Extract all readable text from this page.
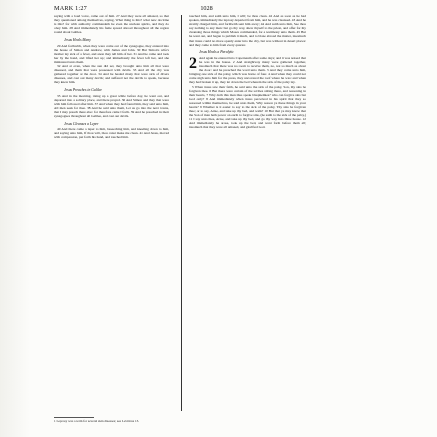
MARK 1:27	1028

saying with a loud voice, came out of him. 27 And they were all amazed, so that they questioned among themselves, saying, What thing is this? what new doctrine is this? for with authority commandeth he even the unclean spirits, and they do obey him. 28 And immediately his fame spread abroad throughout all the region round about Galilee.

Jesus Heals Many

29 And forthwith, when they were come out of the synagogue, they entered into the house of Simon and Andrew, with James and John. 30 But Simon's wife's mother lay sick of a fever, and anon they tell him of her. 31 And he came and took her by the hand, and lifted her up; and immediately the fever left her, and she ministered unto them.

32 And at even, when the sun did set, they brought unto him all that were diseased, and them that were possessed with devils. 33 And all the city was gathered together at the door. 34 And he healed many that were sick of divers diseases, and cast out many devils; and suffered not the devils to speak, because they knew him.

Jesus Preaches in Galilee

35 And in the morning, rising up a great while before day, he went out, and departed into a solitary place, and there prayed. 36 And Simon and they that were with him followed after him. 37 And when they had found him, they said unto him, All men seek for thee. 38 And he said unto them, Let us go into the next towns, that I may preach there also: for therefore came I forth. 39 And he preached in their synagogues throughout all Galilee, and cast out devils.

Jesus Cleanses a Leper

40 And there came a leper to him, beseeching him, and kneeling down to him, and saying unto him, If thou wilt, thou canst make me clean. 41 And Jesus, moved with compassion, put forth his hand, and touched him.

touched him, and saith unto him, I will; be thou clean. 42 And as soon as he had spoken, immediately the leprosy departed from him, and he was cleansed. 43 And he straitly charged him, and forthwith sent him away; 44 And saith unto him, See thou say nothing to any man: but go thy way, shew thyself to the priest, and offer for thy cleansing those things which Moses commanded, for a testimony unto them. 45 But he went out, and began to publish it much, and to blaze abroad the matter, insomuch that Jesus could no more openly enter into the city, but was without in desert places: and they came to him from every quarter.

Jesus Heals a Paralytic

2 And again he entered into Capernaum after some days; and it was noised that he was in the house. 2 And straightway many were gathered together, insomuch that there was no room to receive them, no, not so much as about the door: and he preached the word unto them. 3 And they come unto him, bringing one sick of the palsy, which was borne of four. 4 And when they could not come nigh unto him for the press, they uncovered the roof where he was: and when they had broken it up, they let down the bed wherein the sick of the palsy lay.

5 When Jesus saw their faith, he said unto the sick of the palsy, Son, thy sins be forgiven thee. 6 But there were certain of the scribes sitting there, and reasoning in their hearts, 7 Why doth this man thus speak blasphemies? who can forgive sins but God only? 8 And immediately when Jesus perceived in his spirit that they so reasoned within themselves, he said unto them, Why reason ye these things in your hearts? 9 Whether is it easier to say to the sick of the palsy, Thy sins be forgiven thee; or to say, Arise, and take up thy bed, and walk? 10 But that ye may know that the Son of man hath power on earth to forgive sins, (he saith to the sick of the palsy,) 11 I say unto thee, Arise, and take up thy bed, and go thy way into thine house. 12 And immediately he arose, took up the bed, and went forth before them all; insomuch that they were all amazed, and glorified God.

1 Leprosy was a term for several skin diseases; see Leviticus 13.
